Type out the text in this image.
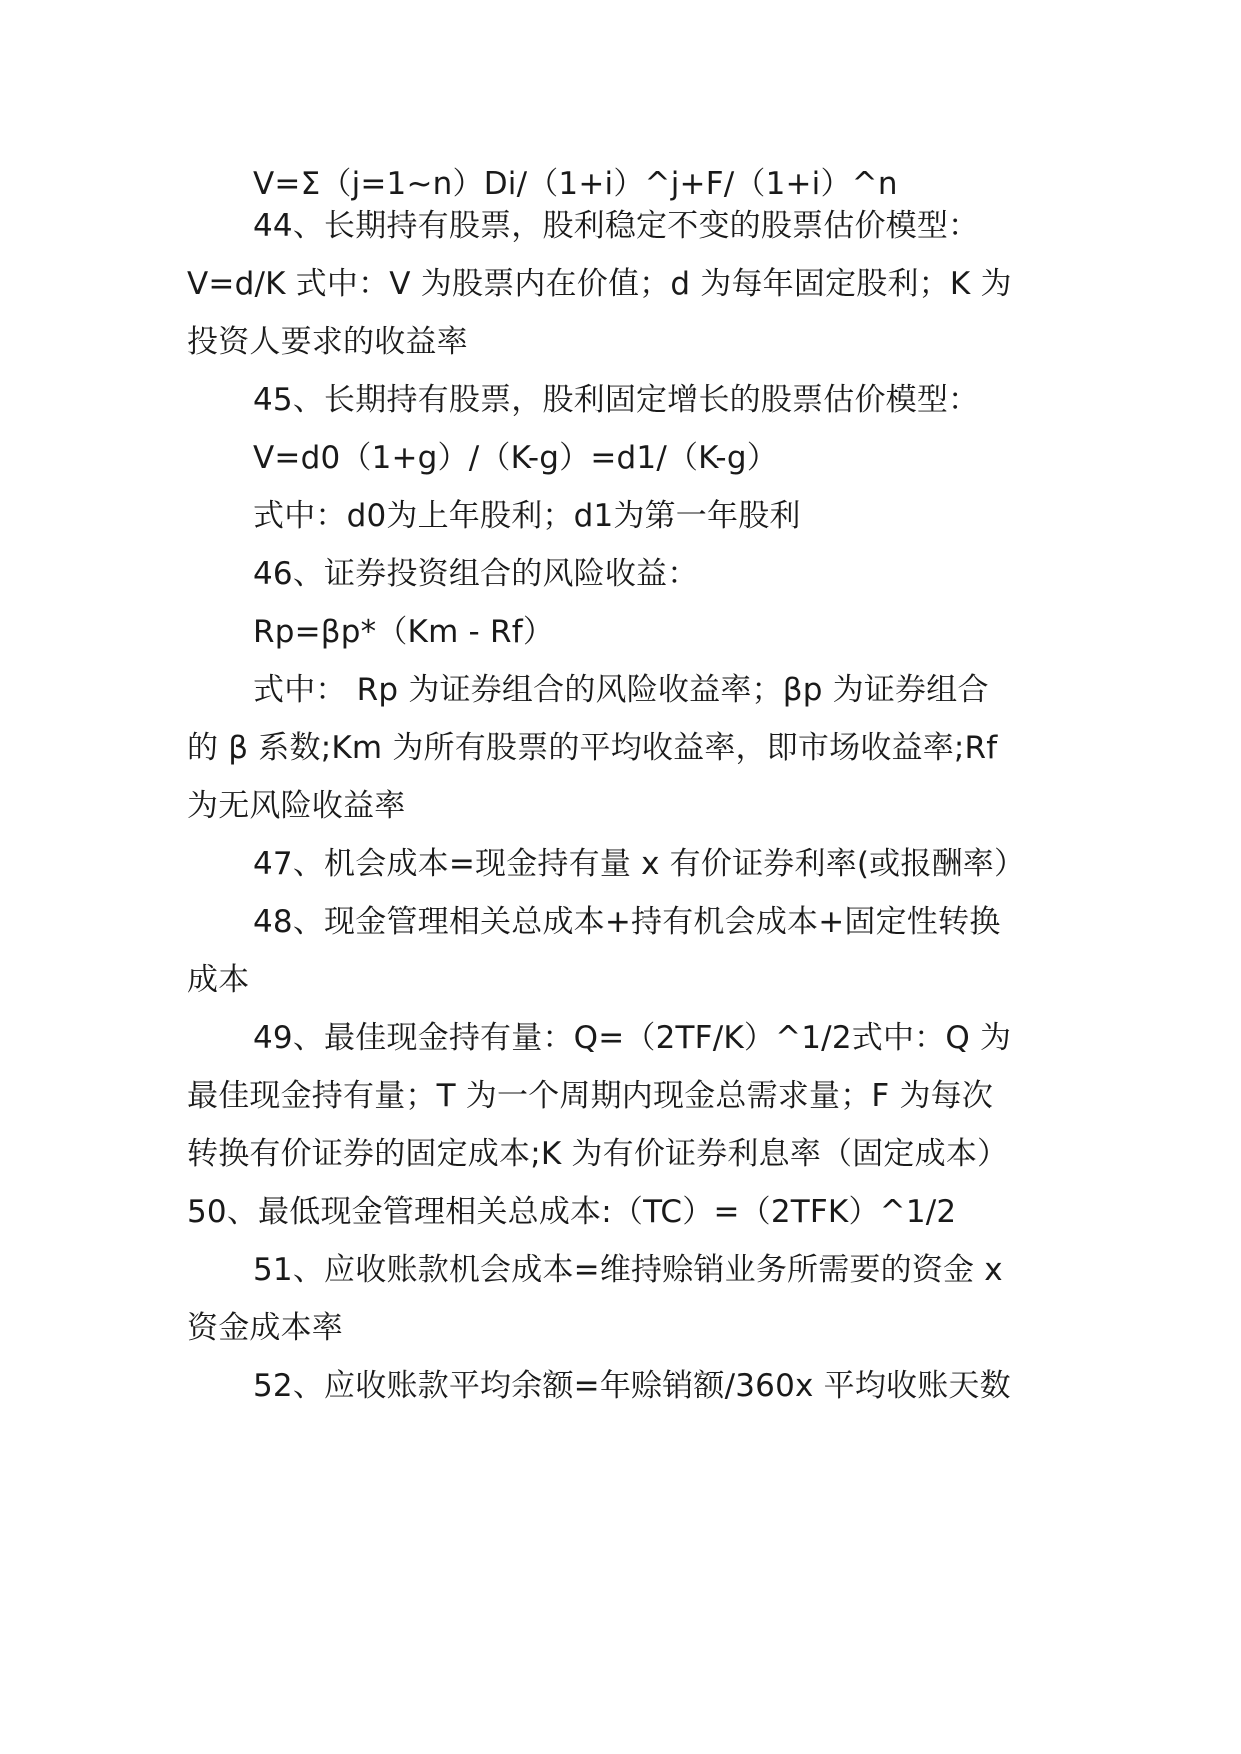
V=Σ（j=1~n）Di/（1+i）^j+F/（1+i）^n
44、长期持有股票，股利稳定不变的股票估价模型：
V=d/K 式中：V 为股票内在价值；d 为每年固定股利；K 为
投资人要求的收益率
45、长期持有股票，股利固定增长的股票估价模型：
V=d0（1+g）/（K-g）=d1/（K-g）
式中：d0为上年股利；d1为第一年股利
46、证券投资组合的风险收益：
Rp=βp*（Km - Rf）
式中： Rp 为证券组合的风险收益率；βp 为证券组合
的 β 系数;Km 为所有股票的平均收益率，即市场收益率;Rf
为无风险收益率
47、机会成本=现金持有量 x 有价证券利率(或报酬率）
48、现金管理相关总成本+持有机会成本+固定性转换
成本
49、最佳现金持有量：Q=（2TF/K）^1/2式中：Q 为
最佳现金持有量；T 为一个周期内现金总需求量；F 为每次
转换有价证券的固定成本;K 为有价证券利息率（固定成本）
50、最低现金管理相关总成本:（TC）=（2TFK）^1/2
51、应收账款机会成本=维持赊销业务所需要的资金 x
资金成本率
52、应收账款平均余额=年赊销额/360x 平均收账天数
